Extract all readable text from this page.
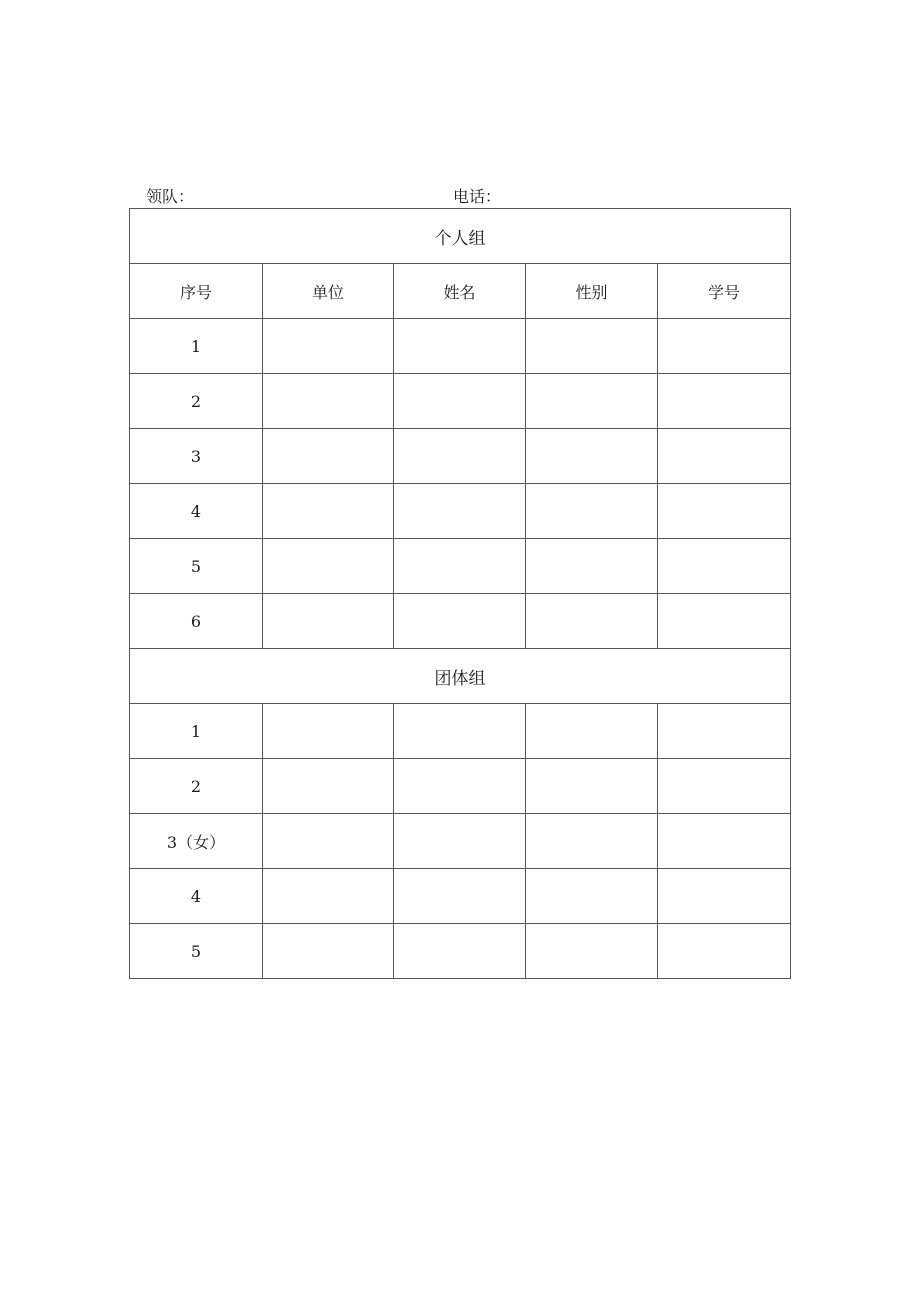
领队：	电话：
个人组				
序号	单位	姓名	性别	学号
1				
2				
3				
4				
5				
6				
团体组				
1				
2				
3（女）				
4				
5				
